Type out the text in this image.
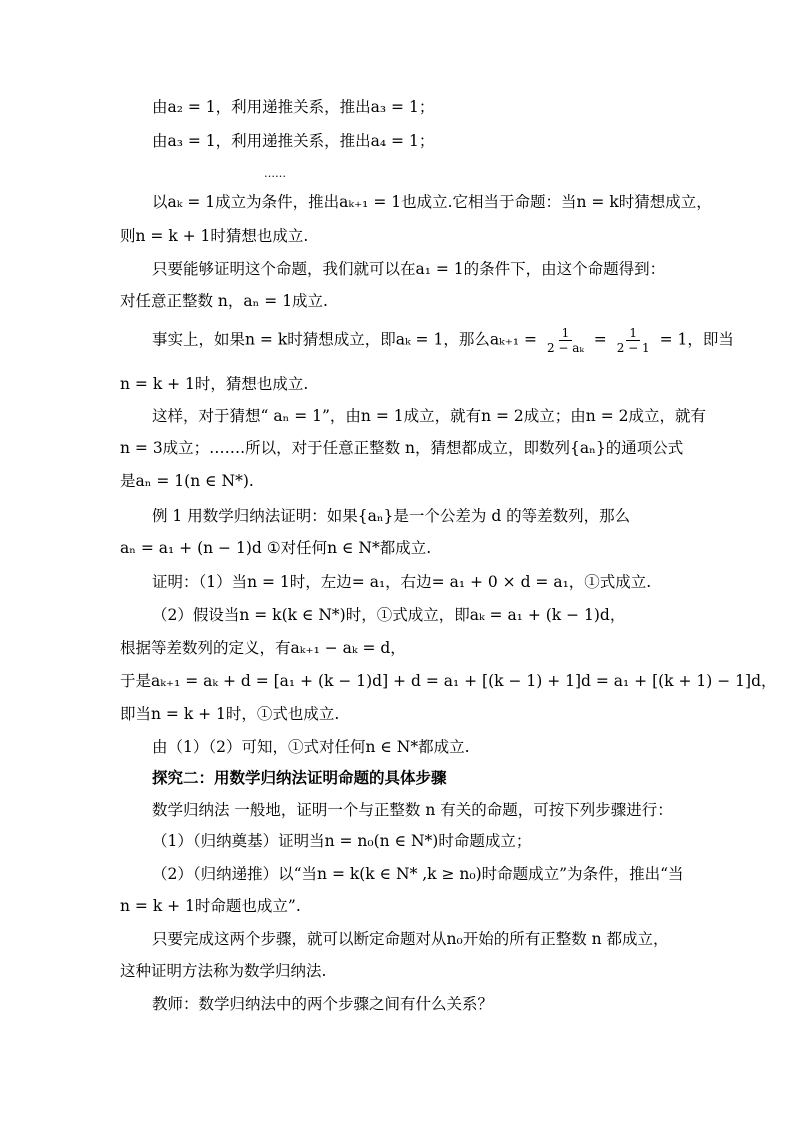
由a₂ = 1，利用递推关系，推出a₃ = 1；
由a₃ = 1，利用递推关系，推出a₄ = 1；
……
以aₖ = 1成立为条件，推出aₖ₊₁ = 1也成立.它相当于命题：当n = k时猜想成立，
则n = k + 1时猜想也成立.
只要能够证明这个命题，我们就可以在a₁ = 1的条件下，由这个命题得到：
对任意正整数 n，aₙ = 1成立.
事实上，如果n = k时猜想成立，即aₖ = 1，那么$a_{k+1} = \frac{1}{\text{2 − aₖ}} = \frac{1}{2 - 1} = 1$，即当
n = k + 1时，猜想也成立.
这样，对于猜想“ aₙ = 1”，由n = 1成立，就有n = 2成立；由n = 2成立，就有
n = 3成立；…….所以，对于任意正整数 n，猜想都成立，即数列{aₙ}的通项公式
是aₙ = 1(n ∈ N*).
例 1 用数学归纳法证明：如果{aₙ}是一个公差为 d 的等差数列，那么
aₙ = a₁ + (n − 1)d ①对任何n ∈ N*都成立.
证明：（1）当n = 1时，左边= a₁，右边= a₁ + 0 × d = a₁，①式成立.
（2）假设当n = k(k ∈ N*)时，①式成立，即aₖ = a₁ + (k − 1)d，
根据等差数列的定义，有aₖ₊₁ − aₖ = d，
于是aₖ₊₁ = aₖ + d = [a₁ + (k − 1)d] + d = a₁ + [(k − 1) + 1]d = a₁ + [(k + 1) − 1]d，
即当n = k + 1时，①式也成立.
由（1）（2）可知，①式对任何n ∈ N*都成立.
探究二：用数学归纳法证明命题的具体步骤
数学归纳法 一般地，证明一个与正整数 n 有关的命题，可按下列步骤进行：
（1）（归纳奠基）证明当n = n₀(n ∈ N*)时命题成立；
（2）（归纳递推）以“当n = k(k ∈ N* ,k ≥ n₀)时命题成立”为条件，推出“当
n = k + 1时命题也成立”.
只要完成这两个步骤，就可以断定命题对从n₀开始的所有正整数 n 都成立，
这种证明方法称为数学归纳法.
教师：数学归纳法中的两个步骤之间有什么关系？
